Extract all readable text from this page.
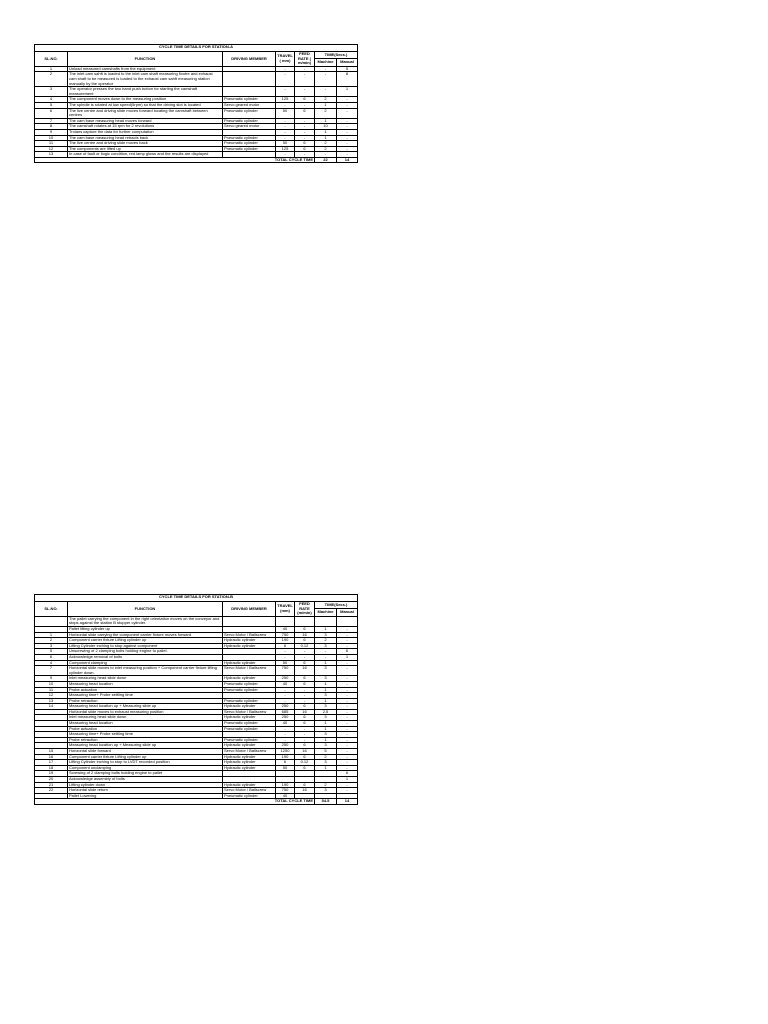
CYCLE TIME DETAILS FOR STATION-A						
SL.NO.	FUNCTION	DRIVING MEMBER	TRAVEL ( mm)	FEED RATE ( m/min)	TIME(Secs.)	
					Machine	Manual
1	Unload measured camshafts from the equipment		-	-	-	5
2	The inlet cam sahft is loaded to the inlet cam shaft measuring fixutre and exhaust cam shaft to be measured is loaded to the exhaust cam sahft measuring station manually by the operator		-	-	-	8
3	The operator presses the two hand push button for starting the camshaft measurement		-	-	-	1
4	The component moves down to the measuring position	Pneumatic cylinder	125	6	2	-
5	The spindle is rotated at low speed(5rpm) so that the driving slot is located	Servo geared motor	-	-	1	-
6	The live centre and driving slide moves forward locating the camshaft between centres	Pneumatic cylinder	50	6	2	-
7	The cam base measuring head moves forward	Pneumatic cylinder	-	-	1	-
8	The camshaft rotates at 15 rpm for 2 revolutions	Servo geared motor	-	-	10	-
9	Trolans capture the data for further computation		-	-	1	-
10	The cam base measuring head retracts back	Pneumatic cylinder	-	-	1	-
11	The live centre and driving slide moves back	Pneumatic cylinder	50	6	2	-
12	The components are lifted up	Pneumatic cylinder	125	6	2	-
13	In case of fault or ilogic condition, red lamp glows and the results are displayed		-	-	-	-
TOTAL CYCLE TIME					22	14
CYCLE TIME DETAILS FOR STATION-B						
SL.NO.	FUNCTION	DRIVING MEMBER	TRAVEL (mm)	FEED RATE (m/min)	TIME(Secs.)	
					Machine	Manual
	The pallet carrying the component in the right orientation moves on the conveyor and stops against the station B stopper cylinder.					
	Pallet lifting cylinder up		40	6	1	-
1	Horizontal slide carrying the component carrier fixture moves forward	Servo Motor / Ballscrew	750	16	3	-
2	Component carrier fixture Lifting cylinder up	Hydraulic cylinder	190	6	2	-
3	Lifting Cylinder inching to stop against component	Hydraulic cylinder	6	0.12	3	-
5	Unscrewing of 2 clamping bolts holding engine to pallet.		-	-	-	6
6	Acknowledge removal of bolts		-	-	-	1
4	Component clamping	Hydraulic cylinder	50	6	1	-
7	Horizontal slide moves to inlet measuring position + Component carrier fixture lifting cylinder down.	Servo Motor / Ballscrew	750	16	3	-
9	Inlet measuring head slide down	Hydraulic cylinder	250	6	3	-
10	Measuring head location	Pneumatic cylinder	40	6	1	-
11	Probe actuation	Pneumatic cylinder	-	-	1	-
12	Measuring time+ Probe settling time		-	-	3	-
13	Probe retraction	Pneumatic cylinder	-	-	1	-
14	Measuring head location up + Measuring slide up	Hydraulic cylinder	250	6	3	-
	Horizontal slide moves to exhaust measuring position	Servo Motor / Ballscrew	685	16	2.5	-
	Inlet measuring head slide down	Hydraulic cylinder	250	6	3	-
	Measuring head location	Pneumatic cylinder	40	6	1	-
	Probe actuation	Pneumatic cylinder	-	-	1	-
	Measuring time+ Probe settling time		-	-	3	-
	Probe retraction	Pneumatic cylinder	-	-	1	-
	Measuring head location up + Measuring slide up	Hydraulic cylinder	250	6	3	-
15	Horizontal slide forward	Servo Motor / Ballscrew	1250	16	5	-
16	Component carrier fixture Lifting cylinder up	Hydraulic cylinder	190	6	2	-
17	Lifting Cylinder inching to stop to LVDT recorded position	Hydraulic cylinder	6	0.12	3	-
18	Component unclamping	Hydraulic cylinder	50	6	1	-
19	Screwing of 2 clamping bolts holding engine to pallet					6
20	Acknowledge assembly of bolts					1
21	Lifting cylinder down	Hydraulic cylinder	190	6	2	-
22	Horizontal slide return	Servo Motor / Ballscrew	750	16	3	-
	Pallet Lowering	Pneumatic cylinder	40			
TOTAL CYCLE TIME					54.5	14
